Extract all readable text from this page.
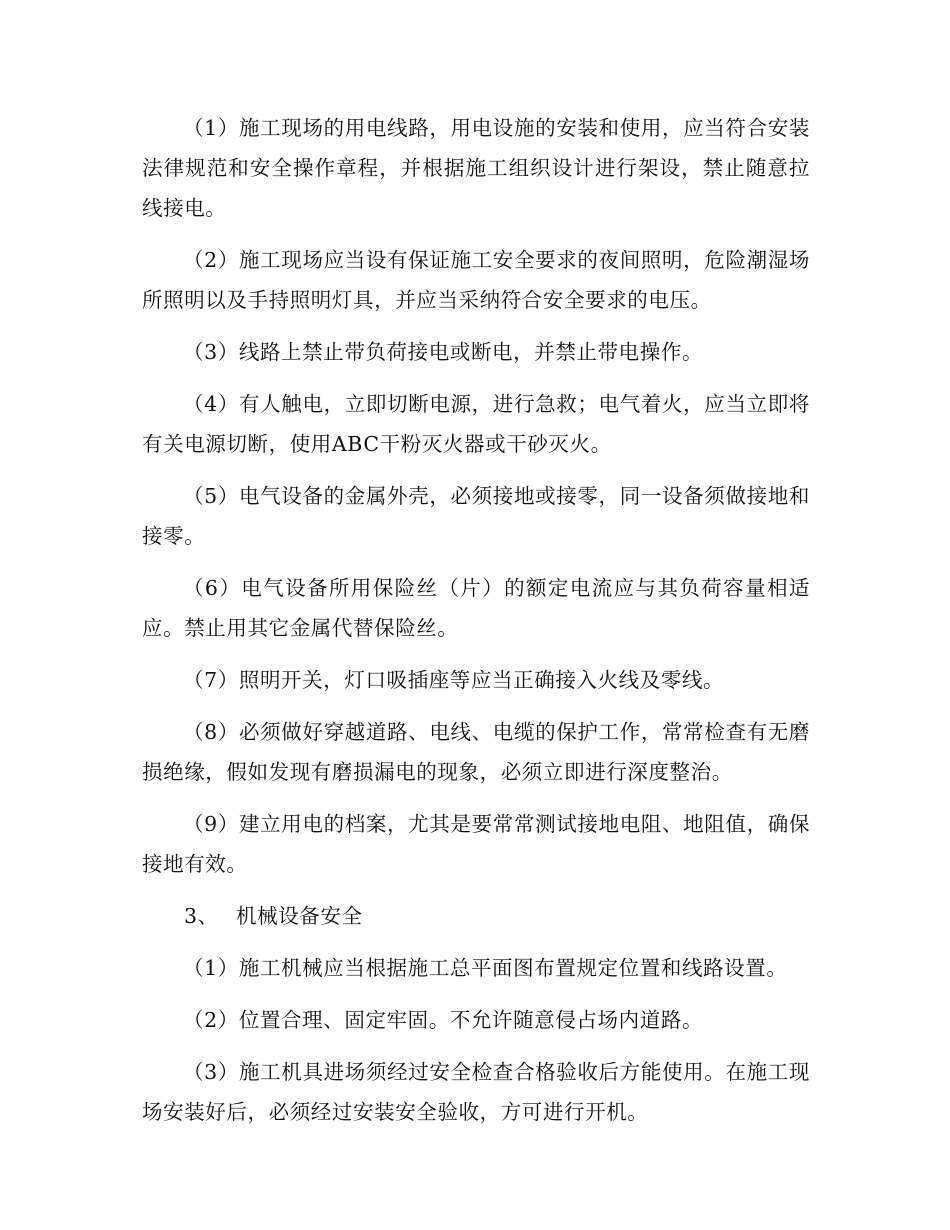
（1）施工现场的用电线路，用电设施的安装和使用，应当符合安装法律规范和安全操作章程，并根据施工组织设计进行架设，禁止随意拉线接电。

（2）施工现场应当设有保证施工安全要求的夜间照明，危险潮湿场所照明以及手持照明灯具，并应当采纳符合安全要求的电压。

（3）线路上禁止带负荷接电或断电，并禁止带电操作。

（4）有人触电，立即切断电源，进行急救；电气着火，应当立即将有关电源切断，使用ABC干粉灭火器或干砂灭火。

（5）电气设备的金属外壳，必须接地或接零，同一设备须做接地和接零。

（6）电气设备所用保险丝（片）的额定电流应与其负荷容量相适应。禁止用其它金属代替保险丝。

（7）照明开关，灯口吸插座等应当正确接入火线及零线。

（8）必须做好穿越道路、电线、电缆的保护工作，常常检查有无磨损绝缘，假如发现有磨损漏电的现象，必须立即进行深度整治。

（9）建立用电的档案，尤其是要常常测试接地电阻、地阻值，确保接地有效。

3、 机械设备安全

（1）施工机械应当根据施工总平面图布置规定位置和线路设置。

（2）位置合理、固定牢固。不允许随意侵占场内道路。

（3）施工机具进场须经过安全检查合格验收后方能使用。在施工现场安装好后，必须经过安装安全验收，方可进行开机。
